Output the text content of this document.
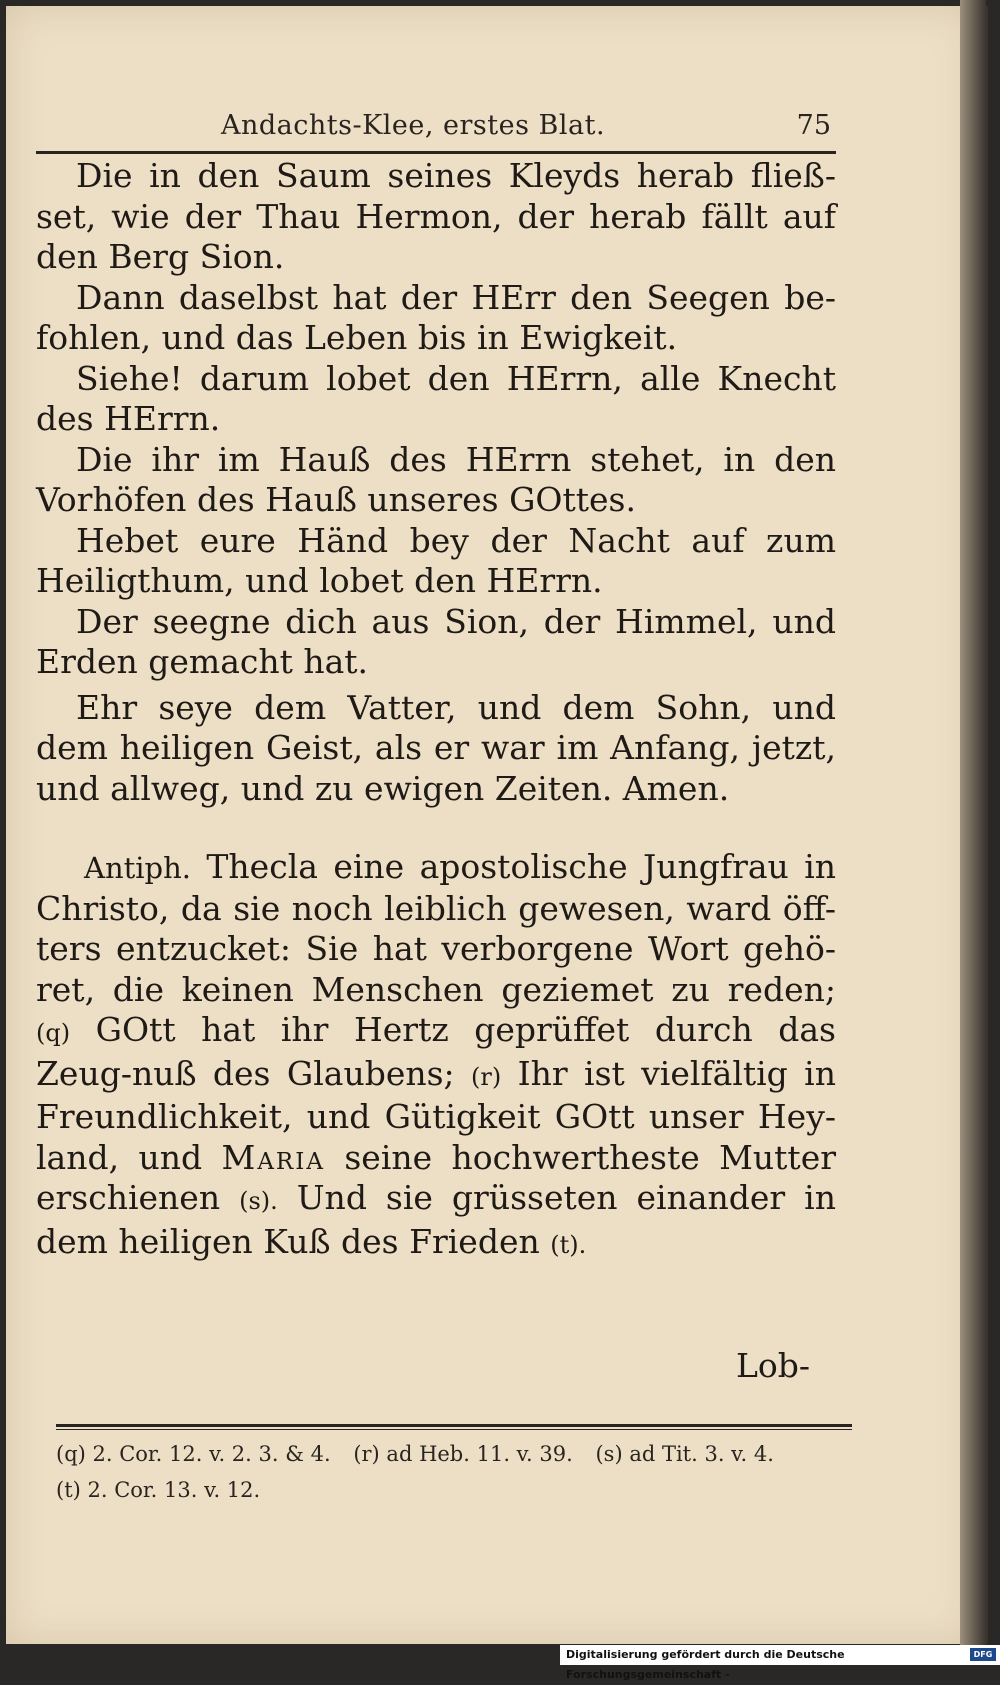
Andachts-Klee, erstes Blat.	75

Die in den Saum seines Kleyds herab fließ-set, wie der Thau Hermon, der herab fällt auf den Berg Sion.

Dann daselbst hat der HErr den Seegen be-fohlen, und das Leben bis in Ewigkeit.

Siehe! darum lobet den HErrn, alle Knecht des HErrn.

Die ihr im Hauß des HErrn stehet, in den Vorhöfen des Hauß unseres GOttes.

Hebet eure Händ bey der Nacht auf zum Heiligthum, und lobet den HErrn.

Der seegne dich aus Sion, der Himmel, und Erden gemacht hat.

Ehr seye dem Vatter, und dem Sohn, und dem heiligen Geist, als er war im Anfang, jetzt, und allweg, und zu ewigen Zeiten. Amen.

Antiph. Thecla eine apostolische Jungfrau in Christo, da sie noch leiblich gewesen, ward öff-ters entzucket: Sie hat verborgene Wort gehö-ret, die keinen Menschen geziemet zu reden; (q) GOtt hat ihr Hertz geprüffet durch das Zeug-nuß des Glaubens; (r) Ihr ist vielfältig in Freundlichkeit, und Gütigkeit GOtt unser Hey-land, und Maria seine hochwertheste Mutter erschienen (s). Und sie grüsseten einander in dem heiligen Kuß des Frieden (t).

Lob-
(q) 2. Cor. 12. v. 2. 3. & 4. (r) ad Heb. 11. v. 39. (s) ad Tit. 3. v. 4.
(t) 2. Cor. 13. v. 12.
Digitalisierung gefördert durch die Deutsche Forschungsgemeinschaft -
DFG
